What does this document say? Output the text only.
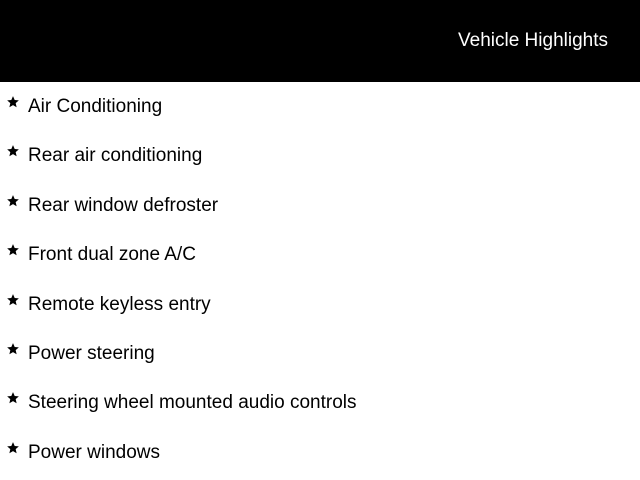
Vehicle Highlights
Air Conditioning
Rear air conditioning
Rear window defroster
Front dual zone A/C
Remote keyless entry
Power steering
Steering wheel mounted audio controls
Power windows
